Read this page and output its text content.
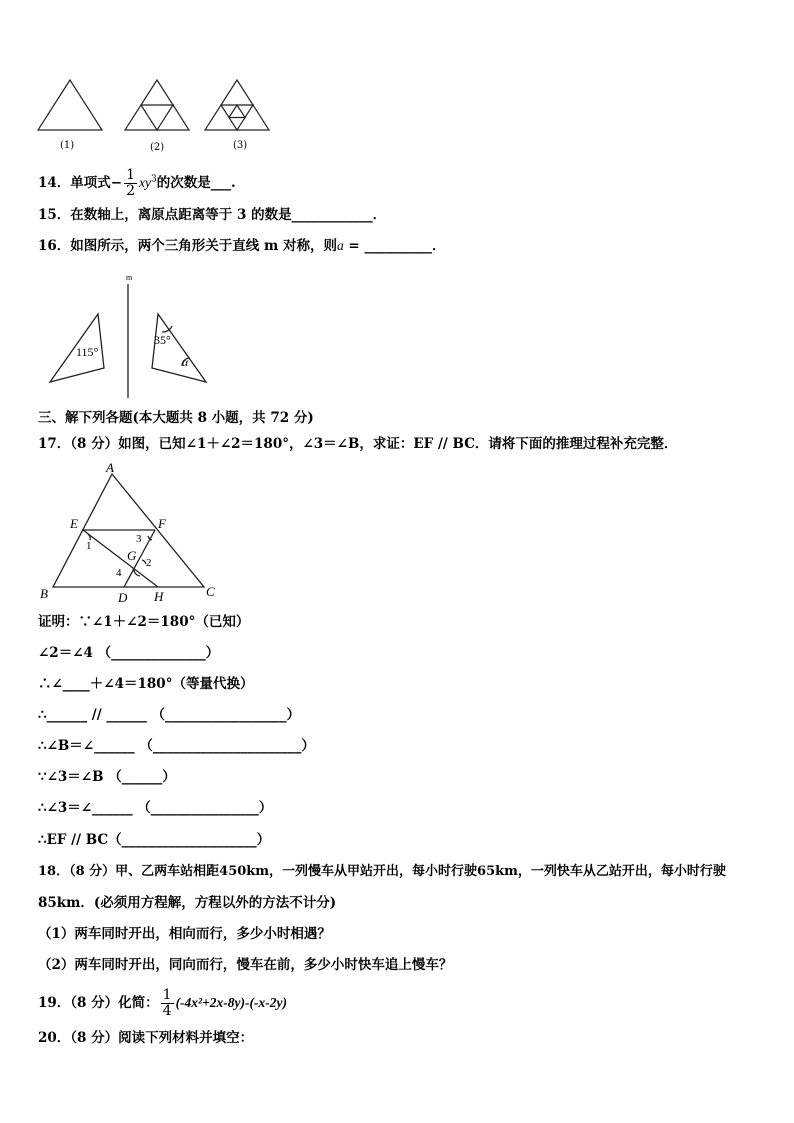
(1)	(2)	(3)
14．单项式− $\frac{1}{2} xy^3$的次数是___.
15．在数轴上，离原点距离等于 3 的数是____________．
16．如图所示，两个三角形关于直线 m 对称，则a = __________．
m
115°
35°
α
三、解下列各题(本大题共 8 小题，共 72 分)
17．（8 分）如图，已知∠1＋∠2＝180°，∠3＝∠B，求证：EF // BC．请将下面的推理过程补充完整．
A
B	C
D
E	F
G
H
1
2
3
4
证明：∵∠1＋∠2＝180°（已知）
∠2＝∠4 （______________）
∴∠____＋∠4＝180°（等量代换）
∴______ // ______ （__________________）
∴∠B＝∠______ （______________________）
∵∠3＝∠B （______）
∴∠3＝∠______ （________________）
∴EF // BC（____________________）
18．（8 分）甲、乙两车站相距450km，一列慢车从甲站开出，每小时行驶65km，一列快车从乙站开出，每小时行驶
85km．(必须用方程解，方程以外的方法不计分)
（1）两车同时开出，相向而行，多少小时相遇？
（2）两车同时开出，同向而行，慢车在前，多少小时快车追上慢车？
19．（8 分）化简： $\frac{1}{4} (-4x^2+2x-8y)-(-x-2y)$
20．（8 分）阅读下列材料并填空：
